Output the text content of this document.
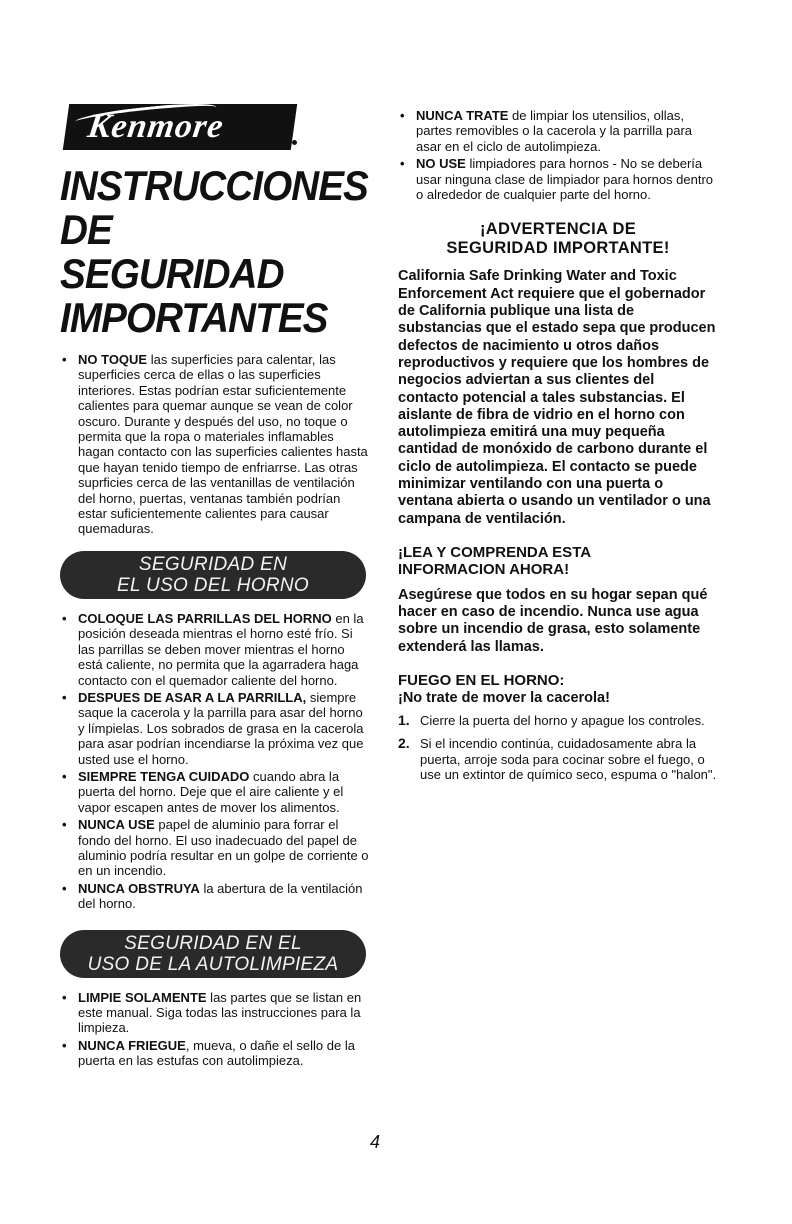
Kenmore
INSTRUCCIONES
DE SEGURIDAD
IMPORTANTES
• NO TOQUE las superficies para calentar, las superficies cerca de ellas o las superficies interiores. Estas podrían estar suficientemente calientes para quemar aunque se vean de color oscuro. Durante y después del uso, no toque o permita que la ropa o materiales inflamables hagan contacto con las superficies calientes hasta que hayan tenido tiempo de enfriarrse. Las otras suprficies cerca de las ventanillas de ventilación del horno, puertas, ventanas también podrían estar suficientemente calientes para causar quemaduras.
SEGURIDAD EN
EL USO DEL HORNO
• COLOQUE LAS PARRILLAS DEL HORNO en la posición deseada mientras el horno esté frío. Si las parrillas se deben mover mientras el horno está caliente, no permita que la agarradera haga contacto con el quemador caliente del horno.
• DESPUES DE ASAR A LA PARRILLA, siempre saque la cacerola y la parrilla para asar del horno y límpielas. Los sobrados de grasa en la cacerola para asar podrían incendiarse la próxima vez que usted use el horno.
• SIEMPRE TENGA CUIDADO cuando abra la puerta del horno. Deje que el aire caliente y el vapor escapen antes de mover los alimentos.
• NUNCA USE papel de aluminio para forrar el fondo del horno. El uso inadecuado del papel de aluminio podría resultar en un golpe de corriente o en un incendio.
• NUNCA OBSTRUYA la abertura de la ventilación del horno.
SEGURIDAD EN EL
USO DE LA AUTOLIMPIEZA
• LIMPIE SOLAMENTE las partes que se listan en este manual. Siga todas las instrucciones para la limpieza.
• NUNCA FRIEGUE, mueva, o dañe el sello de la puerta en las estufas con autolimpieza.
• NUNCA TRATE de limpiar los utensilios, ollas, partes removibles o la cacerola y la parrilla para asar en el ciclo de autolimpieza.
• NO USE limpiadores para hornos - No se debería usar ninguna clase de limpiador para hornos dentro o alrededor de cualquier parte del horno.
¡ADVERTENCIA DE
SEGURIDAD IMPORTANTE!

California Safe Drinking Water and Toxic Enforcement Act requiere que el gobernador de California publique una lista de substancias que el estado sepa que producen defectos de nacimiento u otros daños reproductivos y requiere que los hombres de negocios adviertan a sus clientes del contacto potencial a tales substancias. El aislante de fibra de vidrio en el horno con autolimpieza emitirá una muy pequeña cantidad de monóxido de carbono durante el ciclo de autolimpieza. El contacto se puede minimizar ventilando con una puerta o ventana abierta o usando un ventilador o una campana de ventilación.

¡LEA Y COMPRENDA ESTA
INFORMACION AHORA!

Asegúrese que todos en su hogar sepan qué hacer en caso de incendio. Nunca use agua sobre un incendio de grasa, esto solamente extenderá las llamas.

FUEGO EN EL HORNO:
¡No trate de mover la cacerola!
1. Cierre la puerta del horno y apague los controles.
2. Si el incendio continúa, cuidadosamente abra la puerta, arroje soda para cocinar sobre el fuego, o use un extintor de químico seco, espuma o "halon".
4
